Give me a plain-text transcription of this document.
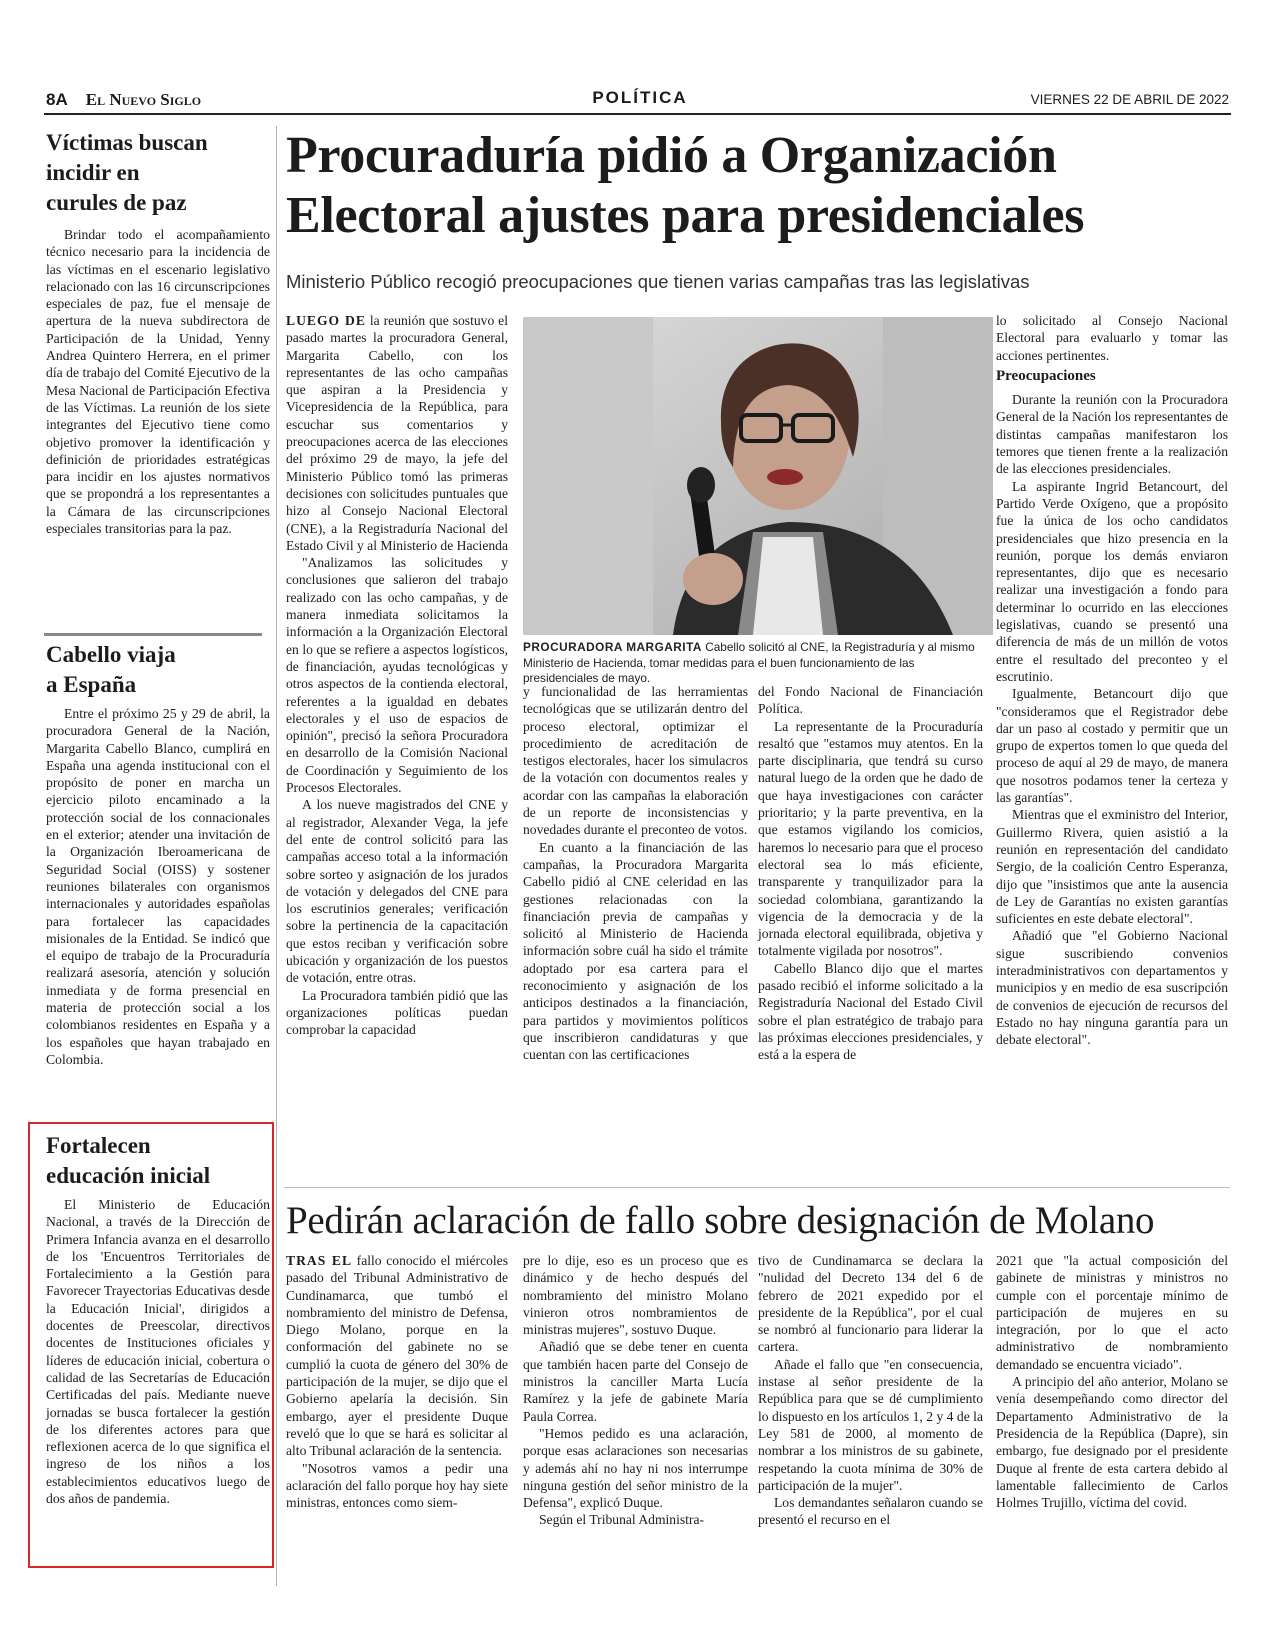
8A El Nuevo Siglo	POLÍTICA	VIERNES 22 DE ABRIL DE 2022
Víctimas buscan
incidir en
curules de paz

Brindar todo el acompañamiento técnico necesario para la incidencia de las víctimas en el escenario legislativo relacionado con las 16 circunscripciones especiales de paz, fue el mensaje de apertura de la nueva subdirectora de Participación de la Unidad, Yenny Andrea Quintero Herrera, en el primer día de trabajo del Comité Ejecutivo de la Mesa Nacional de Participación Efectiva de las Víctimas. La reunión de los siete integrantes del Ejecutivo tiene como objetivo promover la identificación y definición de prioridades estratégicas para incidir en los ajustes normativos que se propondrá a los representantes a la Cámara de las circunscripciones especiales transitorias para la paz.

Cabello viaja
a España

Entre el próximo 25 y 29 de abril, la procuradora General de la Nación, Margarita Cabello Blanco, cumplirá en España una agenda institucional con el propósito de poner en marcha un ejercicio piloto encaminado a la protección social de los connacionales en el exterior; atender una invitación de la Organización Iberoamericana de Seguridad Social (OISS) y sostener reuniones bilaterales con organismos internacionales y autoridades españolas para fortalecer las capacidades misionales de la Entidad. Se indicó que el equipo de trabajo de la Procuraduría realizará asesoría, atención y solución inmediata y de forma presencial en materia de protección social a los colombianos residentes en España y a los españoles que hayan trabajado en Colombia.

Fortalecen
educación inicial

El Ministerio de Educación Nacional, a través de la Dirección de Primera Infancia avanza en el desarrollo de los 'Encuentros Territoriales de Fortalecimiento a la Gestión para Favorecer Trayectorias Educativas desde la Educación Inicial', dirigidos a docentes de Preescolar, directivos docentes de Instituciones oficiales y líderes de educación inicial, cobertura o calidad de las Secretarías de Educación Certificadas del país. Mediante nueve jornadas se busca fortalecer la gestión de los diferentes actores para que reflexionen acerca de lo que significa el ingreso de los niños a los establecimientos educativos luego de dos años de pandemia.

Procuraduría pidió a Organización
Electoral ajustes para presidenciales
Ministerio Público recogió preocupaciones que tienen varias campañas tras las legislativas

LUEGO DE la reunión que sostuvo el pasado martes la procuradora General, Margarita Cabello, con los representantes de las ocho campañas que aspiran a la Presidencia y Vicepresidencia de la República, para escuchar sus comentarios y preocupaciones acerca de las elecciones del próximo 29 de mayo, la jefe del Ministerio Público tomó las primeras decisiones con solicitudes puntuales que hizo al Consejo Nacional Electoral (CNE), a la Registraduría Nacional del Estado Civil y al Ministerio de Hacienda

"Analizamos las solicitudes y conclusiones que salieron del trabajo realizado con las ocho campañas, y de manera inmediata solicitamos la información a la Organización Electoral en lo que se refiere a aspectos logísticos, de financiación, ayudas tecnológicas y otros aspectos de la contienda electoral, referentes a la igualdad en debates electorales y el uso de espacios de opinión", precisó la señora Procuradora en desarrollo de la Comisión Nacional de Coordinación y Seguimiento de los Procesos Electorales.

A los nueve magistrados del CNE y al registrador, Alexander Vega, la jefe del ente de control solicitó para las campañas acceso total a la información sobre sorteo y asignación de los jurados de votación y delegados del CNE para los escrutinios generales; verificación sobre la pertinencia de la capacitación que estos reciban y verificación sobre ubicación y organización de los puestos de votación, entre otras.

La Procuradora también pidió que las organizaciones políticas puedan comprobar la capacidad

PROCURADORA MARGARITA Cabello solicitó al CNE, la Registraduría y al mismo Ministerio de Hacienda, tomar medidas para el buen funcionamiento de las presidenciales de mayo.

y funcionalidad de las herramientas tecnológicas que se utilizarán dentro del proceso electoral, optimizar el procedimiento de acreditación de testigos electorales, hacer los simulacros de la votación con documentos reales y acordar con las campañas la elaboración de un reporte de inconsistencias y novedades durante el preconteo de votos.

En cuanto a la financiación de las campañas, la Procuradora Margarita Cabello pidió al CNE celeridad en las gestiones relacionadas con la financiación previa de campañas y solicitó al Ministerio de Hacienda información sobre cuál ha sido el trámite adoptado por esa cartera para el reconocimiento y asignación de los anticipos destinados a la financiación, para partidos y movimientos políticos que inscribieron candidaturas y que cuentan con las certificaciones

del Fondo Nacional de Financiación Política.

La representante de la Procuraduría resaltó que "estamos muy atentos. En la parte disciplinaria, que tendrá su curso natural luego de la orden que he dado de que haya investigaciones con carácter prioritario; y la parte preventiva, en la que estamos vigilando los comicios, haremos lo necesario para que el proceso electoral sea lo más eficiente, transparente y tranquilizador para la sociedad colombiana, garantizando la vigencia de la democracia y de la jornada electoral equilibrada, objetiva y totalmente vigilada por nosotros".

Cabello Blanco dijo que el martes pasado recibió el informe solicitado a la Registraduría Nacional del Estado Civil sobre el plan estratégico de trabajo para las próximas elecciones presidenciales, y está a la espera de

lo solicitado al Consejo Nacional Electoral para evaluarlo y tomar las acciones pertinentes.

Preocupaciones

Durante la reunión con la Procuradora General de la Nación los representantes de distintas campañas manifestaron los temores que tienen frente a la realización de las elecciones presidenciales.

La aspirante Ingrid Betancourt, del Partido Verde Oxígeno, que a propósito fue la única de los ocho candidatos presidenciales que hizo presencia en la reunión, porque los demás enviaron representantes, dijo que es necesario realizar una investigación a fondo para determinar lo ocurrido en las elecciones legislativas, cuando se presentó una diferencia de más de un millón de votos entre el resultado del preconteo y el escrutinio.

Igualmente, Betancourt dijo que "consideramos que el Registrador debe dar un paso al costado y permitir que un grupo de expertos tomen lo que queda del proceso de aquí al 29 de mayo, de manera que nosotros podamos tener la certeza y las garantías".

Mientras que el exministro del Interior, Guillermo Rivera, quien asistió a la reunión en representación del candidato Sergio, de la coalición Centro Esperanza, dijo que "insistimos que ante la ausencia de Ley de Garantías no existen garantías suficientes en este debate electoral".

Añadió que "el Gobierno Nacional sigue suscribiendo convenios interadministrativos con departamentos y municipios y en medio de esa suscripción de convenios de ejecución de recursos del Estado no hay ninguna garantía para un debate electoral".

Pedirán aclaración de fallo sobre designación de Molano

TRAS EL fallo conocido el miércoles pasado del Tribunal Administrativo de Cundinamarca, que tumbó el nombramiento del ministro de Defensa, Diego Molano, porque en la conformación del gabinete no se cumplió la cuota de género del 30% de participación de la mujer, se dijo que el Gobierno apelaría la decisión. Sin embargo, ayer el presidente Duque reveló que lo que se hará es solicitar al alto Tribunal aclaración de la sentencia.

"Nosotros vamos a pedir una aclaración del fallo porque hoy hay siete ministras, entonces como siem-

pre lo dije, eso es un proceso que es dinámico y de hecho después del nombramiento del ministro Molano vinieron otros nombramientos de ministras mujeres", sostuvo Duque.

Añadió que se debe tener en cuenta que también hacen parte del Consejo de ministros la canciller Marta Lucía Ramírez y la jefe de gabinete María Paula Correa.

"Hemos pedido es una aclaración, porque esas aclaraciones son necesarias y además ahí no hay ni nos interrumpe ninguna gestión del señor ministro de la Defensa", explicó Duque.

Según el Tribunal Administra-

tivo de Cundinamarca se declara la "nulidad del Decreto 134 del 6 de febrero de 2021 expedido por el presidente de la República", por el cual se nombró al funcionario para liderar la cartera.

Añade el fallo que "en consecuencia, instase al señor presidente de la República para que se dé cumplimiento lo dispuesto en los artículos 1, 2 y 4 de la Ley 581 de 2000, al momento de nombrar a los ministros de su gabinete, respetando la cuota mínima de 30% de participación de la mujer".

Los demandantes señalaron cuando se presentó el recurso en el

2021 que "la actual composición del gabinete de ministras y ministros no cumple con el porcentaje mínimo de participación de mujeres en su integración, por lo que el acto administrativo de nombramiento demandado se encuentra viciado".

A principio del año anterior, Molano se venía desempeñando como director del Departamento Administrativo de la Presidencia de la República (Dapre), sin embargo, fue designado por el presidente Duque al frente de esta cartera debido al lamentable fallecimiento de Carlos Holmes Trujillo, víctima del covid.
